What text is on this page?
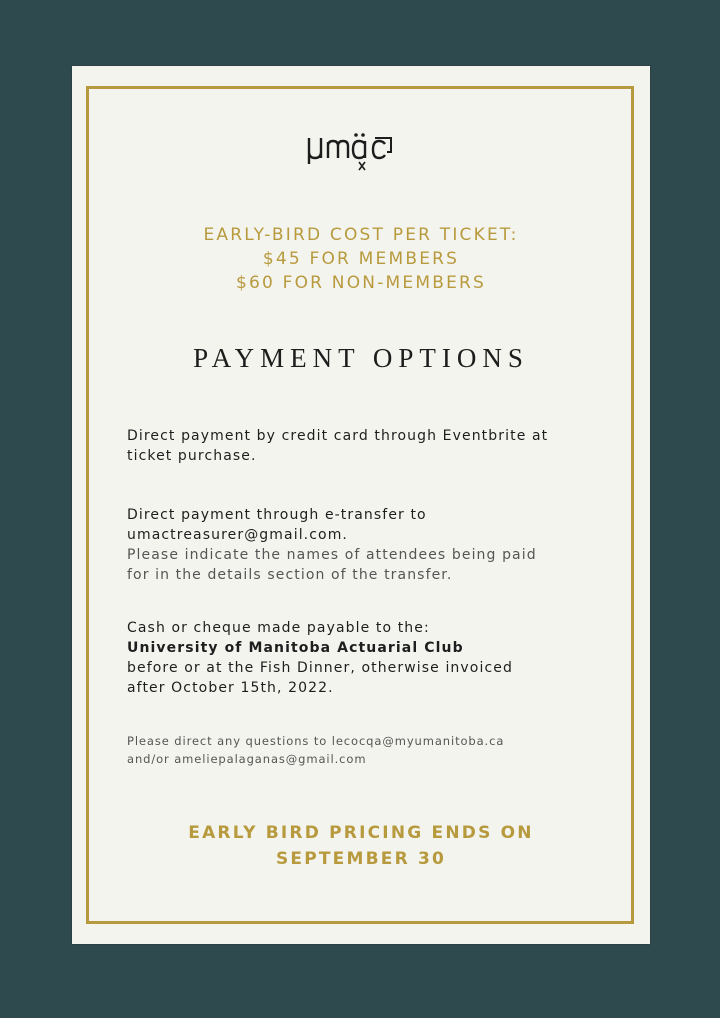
EARLY-BIRD COST PER TICKET:
$45 FOR MEMBERS
$60 FOR NON-MEMBERS
PAYMENT OPTIONS
Direct payment by credit card through Eventbrite at
ticket purchase.
Direct payment through e-transfer to
umactreasurer@gmail.com.
Please indicate the names of attendees being paid
for in the details section of the transfer.
Cash or cheque made payable to the:
University of Manitoba Actuarial Club
before or at the Fish Dinner, otherwise invoiced
after October 15th, 2022.
Please direct any questions to lecocqa@myumanitoba.ca
and/or ameliepalaganas@gmail.com
EARLY BIRD PRICING ENDS ON
SEPTEMBER 30
